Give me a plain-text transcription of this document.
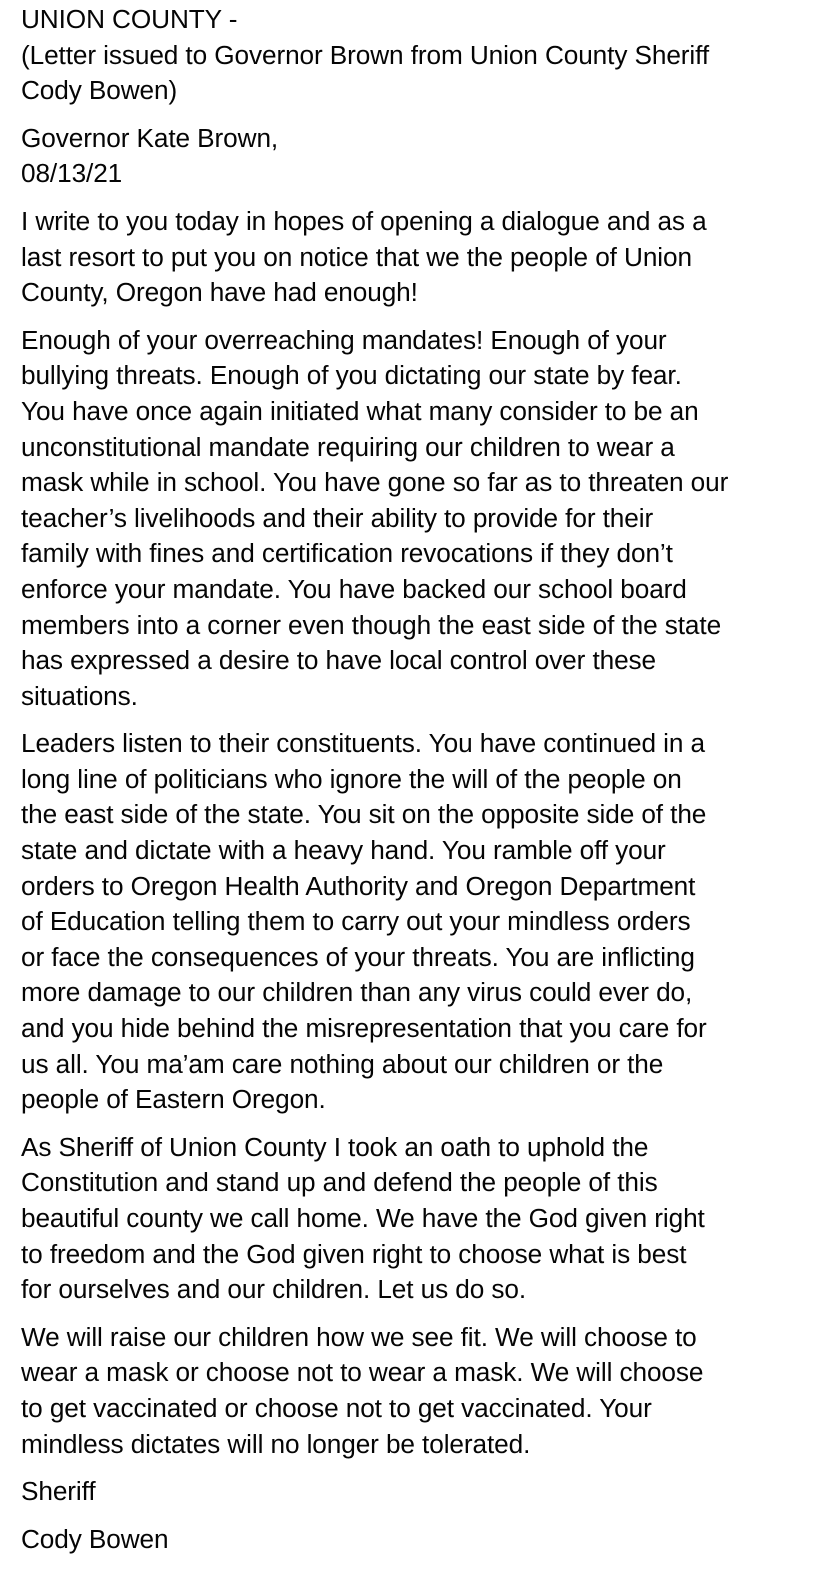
UNION COUNTY -
(Letter issued to Governor Brown from Union County Sheriff
Cody Bowen)
Governor Kate Brown,
08/13/21
I write to you today in hopes of opening a dialogue and as a
last resort to put you on notice that we the people of Union
County, Oregon have had enough!
Enough of your overreaching mandates! Enough of your
bullying threats. Enough of you dictating our state by fear.
You have once again initiated what many consider to be an
unconstitutional mandate requiring our children to wear a
mask while in school. You have gone so far as to threaten our
teacher’s livelihoods and their ability to provide for their
family with fines and certification revocations if they don’t
enforce your mandate. You have backed our school board
members into a corner even though the east side of the state
has expressed a desire to have local control over these
situations.
Leaders listen to their constituents. You have continued in a
long line of politicians who ignore the will of the people on
the east side of the state. You sit on the opposite side of the
state and dictate with a heavy hand. You ramble off your
orders to Oregon Health Authority and Oregon Department
of Education telling them to carry out your mindless orders
or face the consequences of your threats. You are inflicting
more damage to our children than any virus could ever do,
and you hide behind the misrepresentation that you care for
us all. You ma’am care nothing about our children or the
people of Eastern Oregon.
As Sheriff of Union County I took an oath to uphold the
Constitution and stand up and defend the people of this
beautiful county we call home. We have the God given right
to freedom and the God given right to choose what is best
for ourselves and our children. Let us do so.
We will raise our children how we see fit. We will choose to
wear a mask or choose not to wear a mask. We will choose
to get vaccinated or choose not to get vaccinated. Your
mindless dictates will no longer be tolerated.
Sheriff
Cody Bowen
